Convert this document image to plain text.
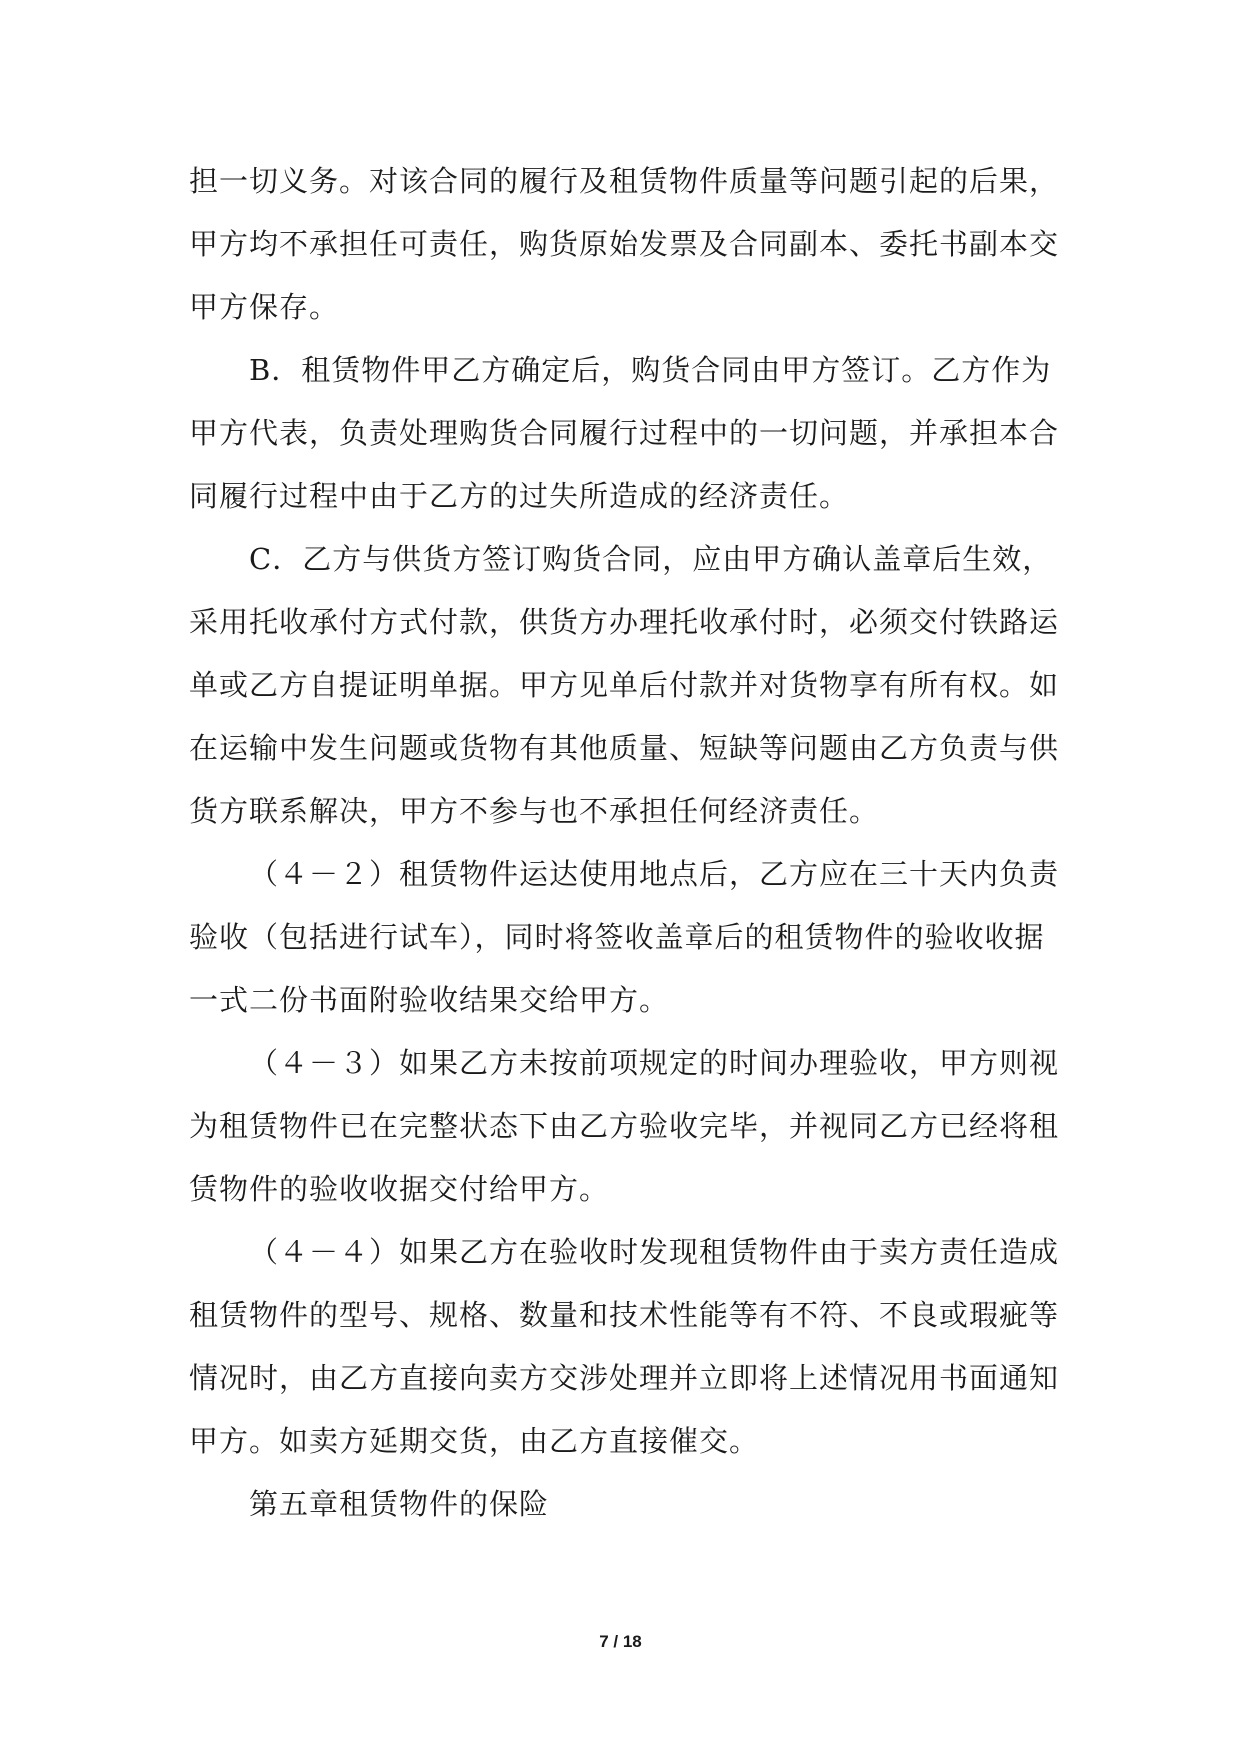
担一切义务。对该合同的履行及租赁物件质量等问题引起的后果，甲方均不承担任可责任，购货原始发票及合同副本、委托书副本交甲方保存。

B．租赁物件甲乙方确定后，购货合同由甲方签订。乙方作为甲方代表，负责处理购货合同履行过程中的一切问题，并承担本合同履行过程中由于乙方的过失所造成的经济责任。

C．乙方与供货方签订购货合同，应由甲方确认盖章后生效，采用托收承付方式付款，供货方办理托收承付时，必须交付铁路运单或乙方自提证明单据。甲方见单后付款并对货物享有所有权。如在运输中发生问题或货物有其他质量、短缺等问题由乙方负责与供货方联系解决，甲方不参与也不承担任何经济责任。

（４－２）租赁物件运达使用地点后，乙方应在三十天内负责验收（包括进行试车），同时将签收盖章后的租赁物件的验收收据一式二份书面附验收结果交给甲方。

（４－３）如果乙方未按前项规定的时间办理验收，甲方则视为租赁物件已在完整状态下由乙方验收完毕，并视同乙方已经将租赁物件的验收收据交付给甲方。

（４－４）如果乙方在验收时发现租赁物件由于卖方责任造成租赁物件的型号、规格、数量和技术性能等有不符、不良或瑕疵等情况时，由乙方直接向卖方交涉处理并立即将上述情况用书面通知甲方。如卖方延期交货，由乙方直接催交。

第五章租赁物件的保险

7 / 18
